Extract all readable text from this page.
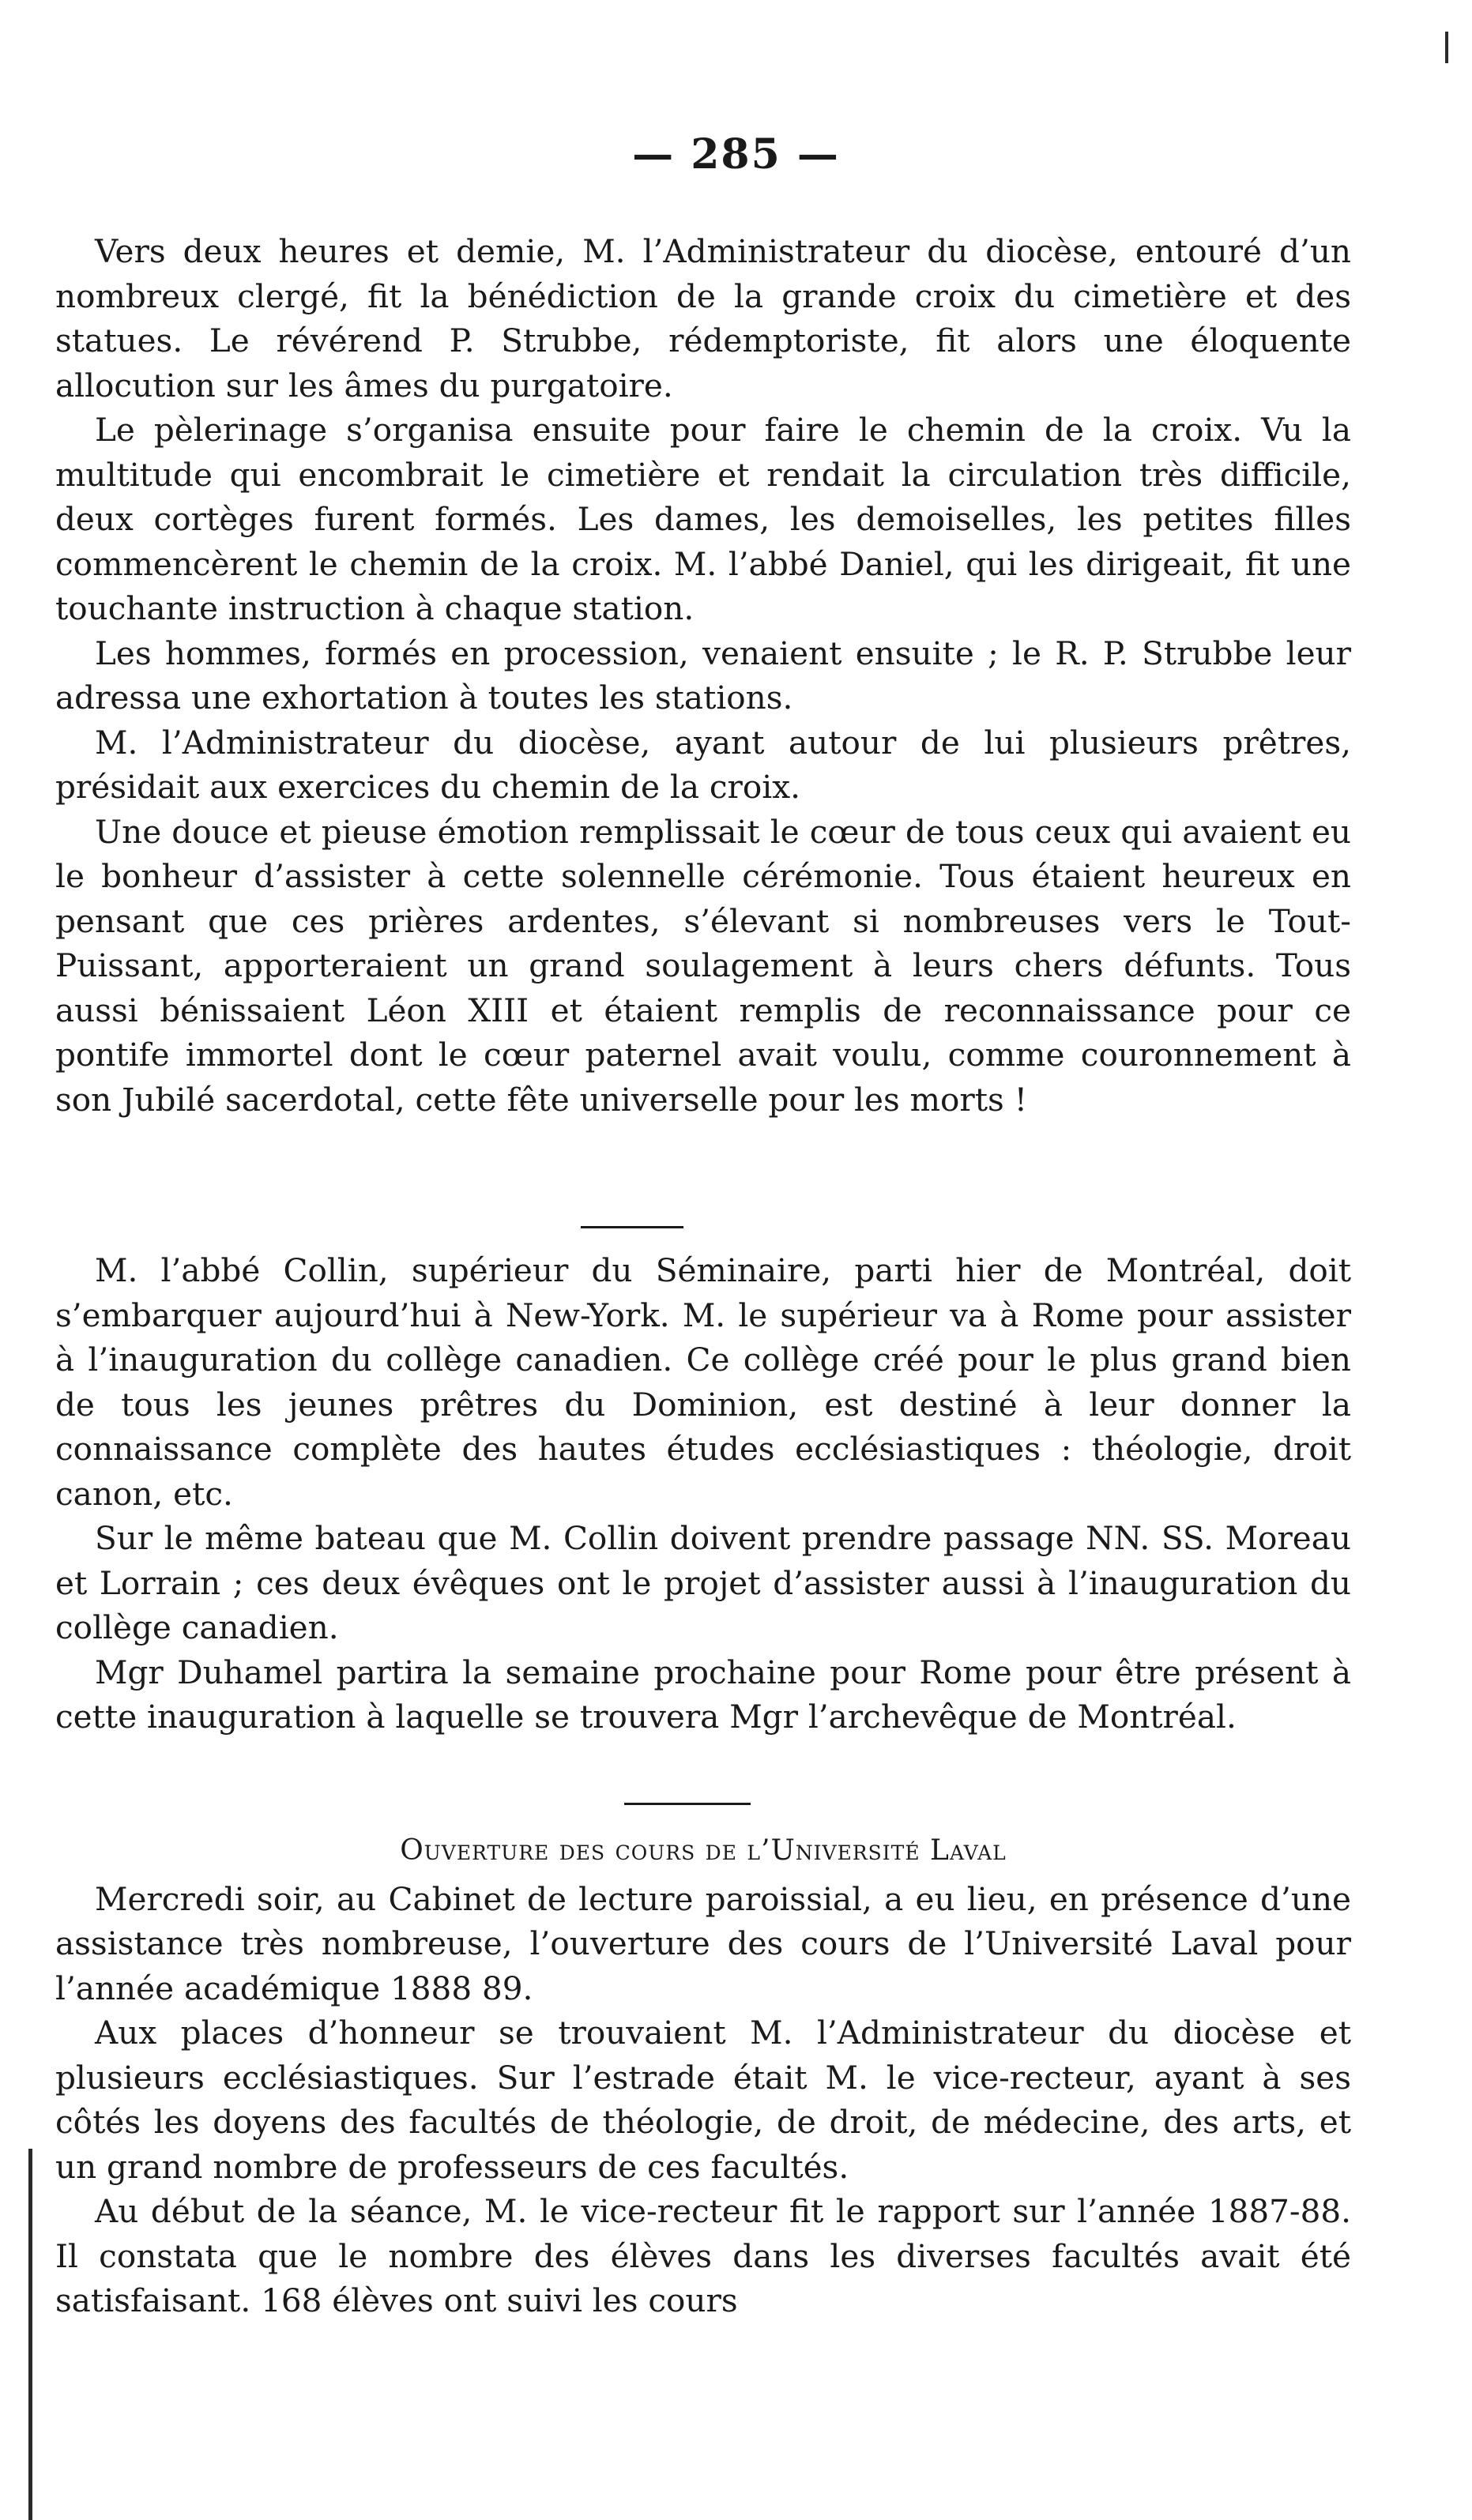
— 285 —

Vers deux heures et demie, M. l’Administrateur du diocèse, entouré d’un nombreux clergé, fit la bénédiction de la grande croix du cimetière et des statues. Le révérend P. Strubbe, rédemptoriste, fit alors une éloquente allocution sur les âmes du purgatoire.

Le pèlerinage s’organisa ensuite pour faire le chemin de la croix. Vu la multitude qui encombrait le cimetière et rendait la circulation très difficile, deux cortèges furent formés. Les dames, les demoiselles, les petites filles commencèrent le chemin de la croix. M. l’abbé Daniel, qui les dirigeait, fit une touchante instruction à chaque station.

Les hommes, formés en procession, venaient ensuite ; le R. P. Strubbe leur adressa une exhortation à toutes les stations.

M. l’Administrateur du diocèse, ayant autour de lui plusieurs prêtres, présidait aux exercices du chemin de la croix.

Une douce et pieuse émotion remplissait le cœur de tous ceux qui avaient eu le bonheur d’assister à cette solennelle cérémonie. Tous étaient heureux en pensant que ces prières ardentes, s’élevant si nombreuses vers le Tout-Puissant, apporteraient un grand soulagement à leurs chers défunts. Tous aussi bénissaient Léon XIII et étaient remplis de reconnaissance pour ce pontife immortel dont le cœur paternel avait voulu, comme couronnement à son Jubilé sacerdotal, cette fête universelle pour les morts !

M. l’abbé Collin, supérieur du Séminaire, parti hier de Montréal, doit s’embarquer aujourd’hui à New-York. M. le supérieur va à Rome pour assister à l’inauguration du collège canadien. Ce collège créé pour le plus grand bien de tous les jeunes prêtres du Dominion, est destiné à leur donner la connaissance complète des hautes études ecclésiastiques : théologie, droit canon, etc.

Sur le même bateau que M. Collin doivent prendre passage NN. SS. Moreau et Lorrain ; ces deux évêques ont le projet d’assister aussi à l’inauguration du collège canadien.

Mgr Duhamel partira la semaine prochaine pour Rome pour être présent à cette inauguration à laquelle se trouvera Mgr l’archevêque de Montréal.

Ouverture des cours de l’Université Laval

Mercredi soir, au Cabinet de lecture paroissial, a eu lieu, en présence d’une assistance très nombreuse, l’ouverture des cours de l’Université Laval pour l’année académique 1888 89.

Aux places d’honneur se trouvaient M. l’Administrateur du diocèse et plusieurs ecclésiastiques. Sur l’estrade était M. le vice-recteur, ayant à ses côtés les doyens des facultés de théologie, de droit, de médecine, des arts, et un grand nombre de professeurs de ces facultés.

Au début de la séance, M. le vice-recteur fit le rapport sur l’année 1887-88. Il constata que le nombre des élèves dans les diverses facultés avait été satisfaisant. 168 élèves ont suivi les cours
